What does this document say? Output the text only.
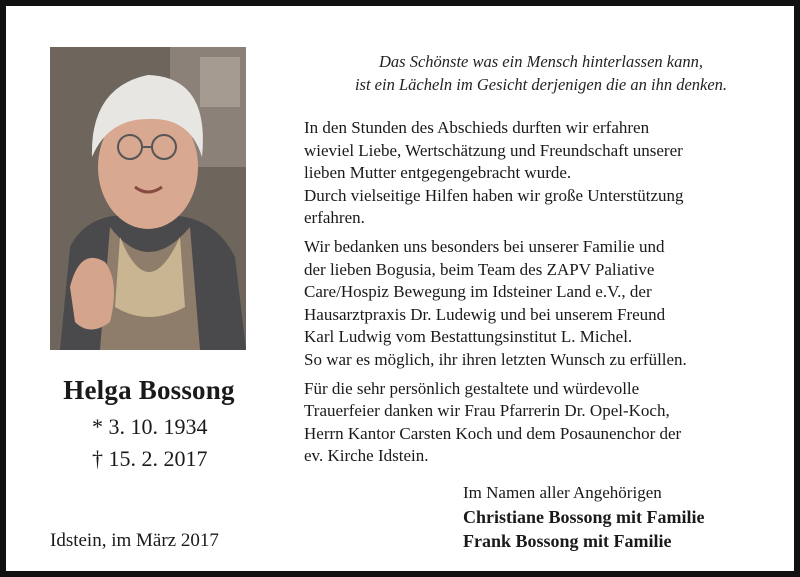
Helga Bossong
* 3. 10. 1934
† 15. 2. 2017
Idstein, im März 2017
Das Schönste was ein Mensch hinterlassen kann,
ist ein Lächeln im Gesicht derjenigen die an ihn denken.

In den Stunden des Abschieds durften wir erfahren
wieviel Liebe, Wertschätzung und Freundschaft unserer
lieben Mutter entgegengebracht wurde.
Durch vielseitige Hilfen haben wir große Unterstützung
erfahren.

Wir bedanken uns besonders bei unserer Familie und
der lieben Bogusia, beim Team des ZAPV Paliative
Care/Hospiz Bewegung im Idsteiner Land e.V., der
Hausarztpraxis Dr. Ludewig und bei unserem Freund
Karl Ludwig vom Bestattungsinstitut L. Michel.
So war es möglich, ihr ihren letzten Wunsch zu erfüllen.

Für die sehr persönlich gestaltete und würdevolle
Trauerfeier danken wir Frau Pfarrerin Dr. Opel-Koch,
Herrn Kantor Carsten Koch und dem Posaunenchor der
ev. Kirche Idstein.

Im Namen aller Angehörigen
Christiane Bossong mit Familie
Frank Bossong mit Familie
